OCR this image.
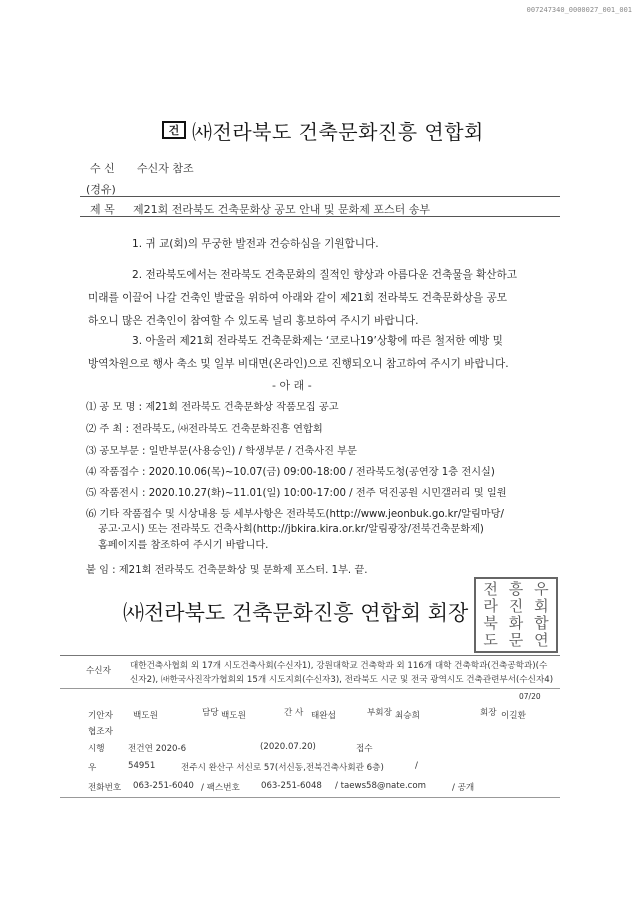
007247340_0000027_001_001
건 ㈔전라북도 건축문화진흥 연합회
수 신 수신자 참조
(경유)
제 목 제21회 전라북도 건축문화상 공모 안내 및 문화제 포스터 송부
1. 귀 교(회)의 무궁한 발전과 건승하심을 기원합니다.
2. 전라북도에서는 전라북도 건축문화의 질적인 향상과 아름다운 건축물을 확산하고
미래를 이끌어 나갈 건축인 발굴을 위하여 아래와 같이 제21회 전라북도 건축문화상을 공모
하오니 많은 건축인이 참여할 수 있도록 널리 홍보하여 주시기 바랍니다.
3. 아울러 제21회 전라북도 건축문화제는 ‘코로나19’상황에 따른 철저한 예방 및
방역차원으로 행사 축소 및 일부 비대면(온라인)으로 진행되오니 참고하여 주시기 바랍니다.
- 아 래 -
⑴ 공 모 명 : 제21회 전라북도 건축문화상 작품모집 공고
⑵ 주 최 : 전라북도, ㈔전라북도 건축문화진흥 연합회
⑶ 공모부문 : 일반부문(사용승인) / 학생부문 / 건축사진 부문
⑷ 작품접수 : 2020.10.06(목)~10.07(금) 09:00-18:00 / 전라북도청(공연장 1층 전시실)
⑸ 작품전시 : 2020.10.27(화)~11.01(일) 10:00-17:00 / 전주 덕진공원 시민갤러리 및 일원
⑹ 기타 작품접수 및 시상내용 등 세부사항은 전라북도(http://www.jeonbuk.go.kr/알림마당/
공고·고시) 또는 전라북도 건축사회(http://jbkira.kira.or.kr/알림광장/전북건축문화제)
홈페이지를 참조하여 주시기 바랍니다.
붙 임 : 제21회 전라북도 건축문화상 및 문화제 포스터. 1부. 끝.
㈔전라북도 건축문화진흥 연합회 회장
전 흥 우
라 진 회
북 화 합
도 문 연
수신자 대한건축사협회 외 17개 시도건축사회(수신자1), 강원대학교 건축학과 외 116개 대학 건축학과(건축공학과)(수
신자2), ㈔한국사진작가협회외 15개 시도지회(수신자3), 전라북도 시군 및 전국 광역시도 건축관련부서(수신자4)
07/20
기안자 백도원	담당 백도원	간 사 태완섭	부회장 최승희	회장 이길환
협조자
시행	전건연 2020-6	(2020.07.20)	접수
우	54951	전주시 완산구 서신로 57(서신동,전북건축사회관 6층)	/
전화번호 063-251-6040 / 팩스번호 063-251-6048 / taews58@nate.com	/ 공개
